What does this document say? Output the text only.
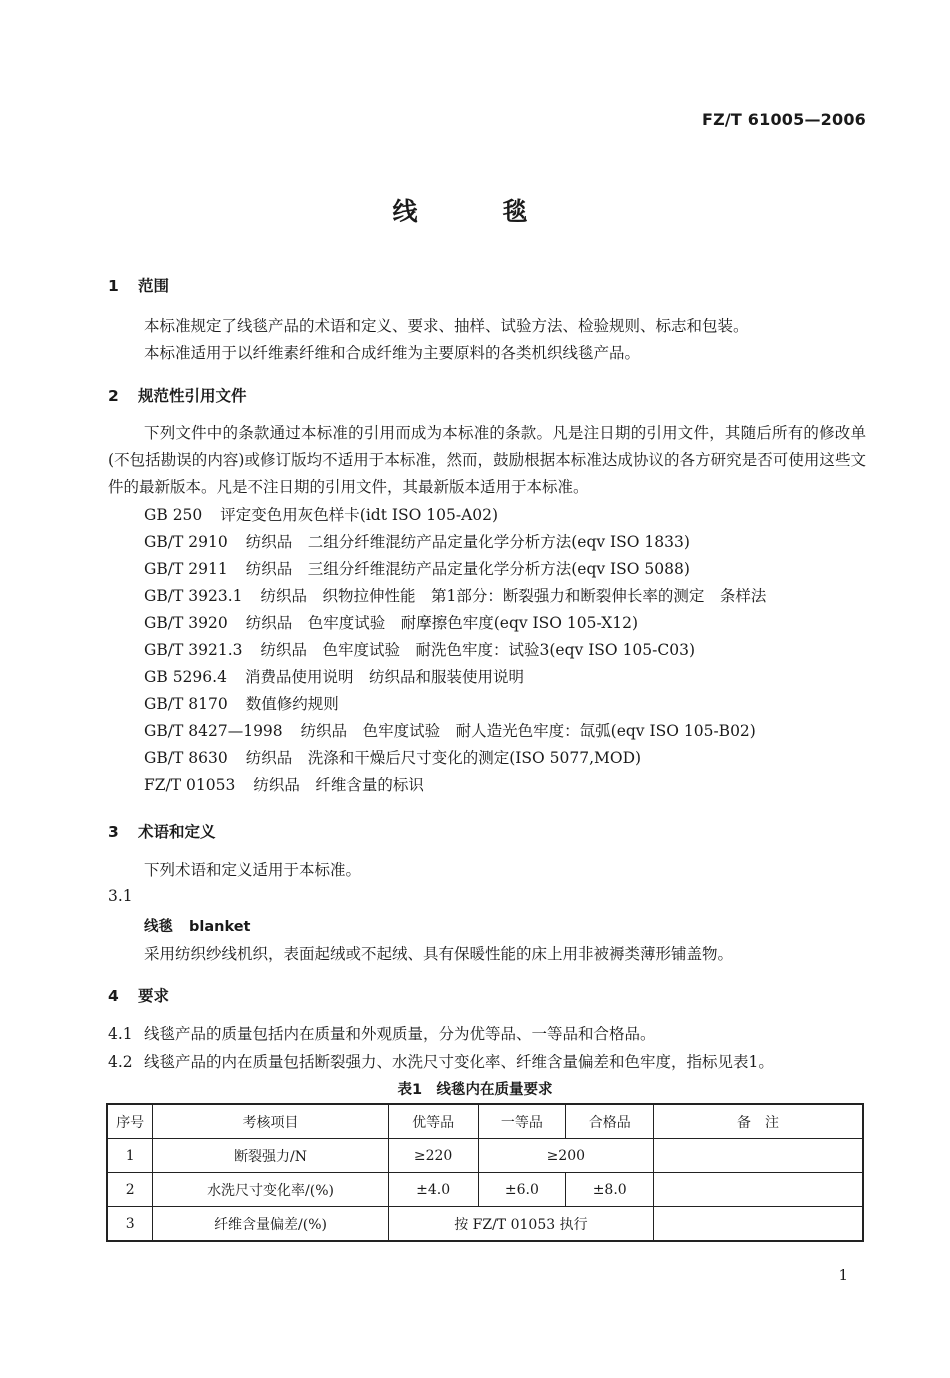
FZ/T 61005—2006
线　毯
1 范围
本标准规定了线毯产品的术语和定义、要求、抽样、试验方法、检验规则、标志和包装。
本标准适用于以纤维素纤维和合成纤维为主要原料的各类机织线毯产品。
2 规范性引用文件
下列文件中的条款通过本标准的引用而成为本标准的条款。凡是注日期的引用文件，其随后所有的修改单(不包括勘误的内容)或修订版均不适用于本标准，然而，鼓励根据本标准达成协议的各方研究是否可使用这些文件的最新版本。凡是不注日期的引用文件，其最新版本适用于本标准。
GB 250 评定变色用灰色样卡(idt ISO 105-A02)
GB/T 2910 纺织品　二组分纤维混纺产品定量化学分析方法(eqv ISO 1833)
GB/T 2911 纺织品　三组分纤维混纺产品定量化学分析方法(eqv ISO 5088)
GB/T 3923.1 纺织品　织物拉伸性能　第1部分：断裂强力和断裂伸长率的测定　条样法
GB/T 3920 纺织品　色牢度试验　耐摩擦色牢度(eqv ISO 105-X12)
GB/T 3921.3 纺织品　色牢度试验　耐洗色牢度：试验3(eqv ISO 105-C03)
GB 5296.4 消费品使用说明　纺织品和服装使用说明
GB/T 8170 数值修约规则
GB/T 8427—1998 纺织品　色牢度试验　耐人造光色牢度：氙弧(eqv ISO 105-B02)
GB/T 8630 纺织品　洗涤和干燥后尺寸变化的测定(ISO 5077,MOD)
FZ/T 01053 纺织品　纤维含量的标识
3 术语和定义
下列术语和定义适用于本标准。
3.1
线毯 blanket
采用纺织纱线机织，表面起绒或不起绒、具有保暖性能的床上用非被褥类薄形铺盖物。
4 要求
4.1 线毯产品的质量包括内在质量和外观质量，分为优等品、一等品和合格品。
4.2 线毯产品的内在质量包括断裂强力、水洗尺寸变化率、纤维含量偏差和色牢度，指标见表1。
表1　线毯内在质量要求
序号	考核项目	优等品	一等品	合格品	备　注
1	断裂强力/N	≥220	≥200		
2	水洗尺寸变化率/(%)	±4.0	±6.0	±8.0	
3	纤维含量偏差/(%)	按 FZ/T 01053 执行			
1
